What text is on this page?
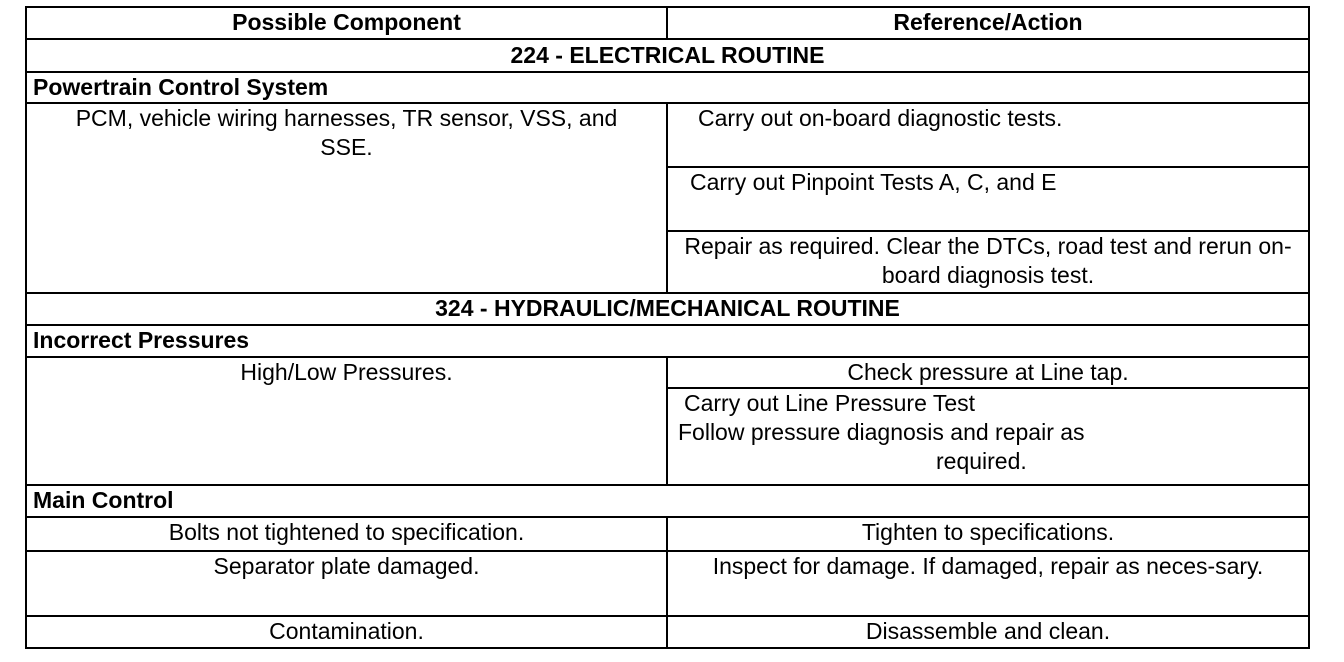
Possible Component	Reference/Action
224 - ELECTRICAL ROUTINE	
Powertrain Control System	
PCM, vehicle wiring harnesses, TR sensor, VSS, and SSE.	Carry out on-board diagnostic tests.
	Carry out Pinpoint Tests A, C, and E
	Repair as required. Clear the DTCs, road test and rerun on-board diagnosis test.
324 - HYDRAULIC/MECHANICAL ROUTINE	
Incorrect Pressures	
High/Low Pressures.	Check pressure at Line tap.

	Carry out Line Pressure Test
Follow pressure diagnosis and repair as
required.

Main Control	
Bolts not tightened to specification.	Tighten to specifications.
Separator plate damaged.	Inspect for damage. If damaged, repair as neces-sary.
Contamination.	Disassemble and clean.
